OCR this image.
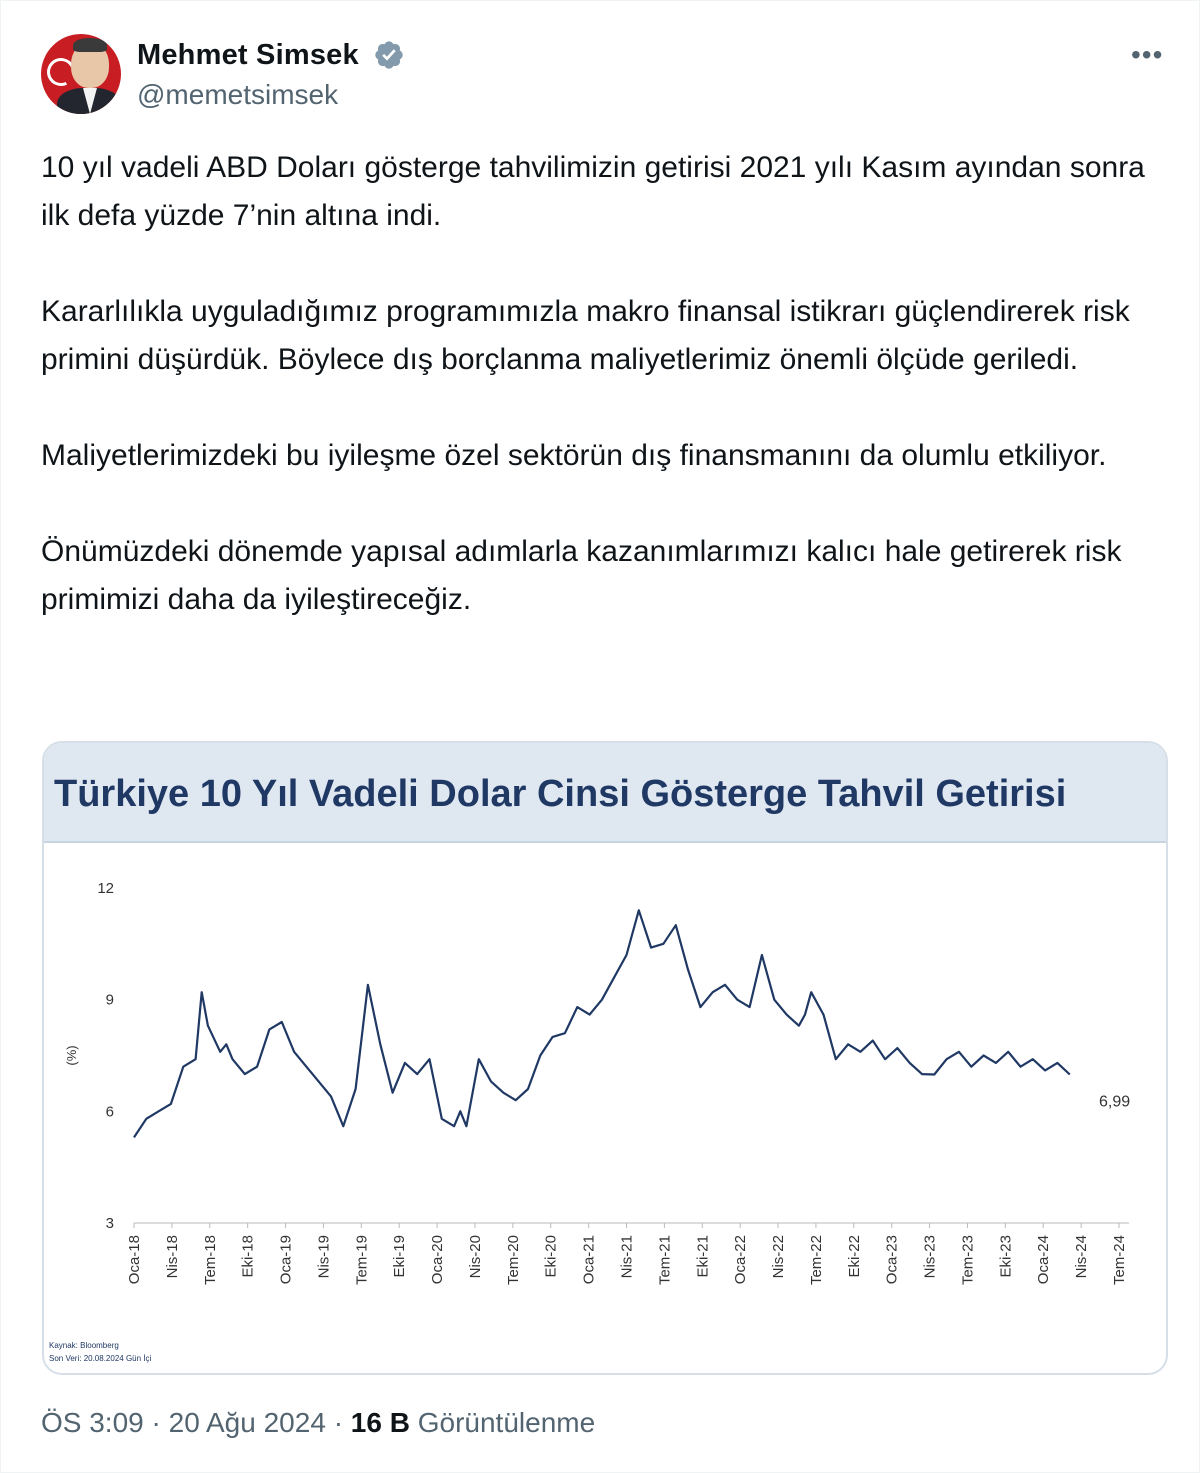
Mehmet Simsek
@memetsimsek
•••

10 yıl vadeli ABD Doları gösterge tahvilimizin getirisi 2021 yılı Kasım ayından sonra ilk defa yüzde 7’nin altına indi.

Kararlılıkla uyguladığımız programımızla makro finansal istikrarı güçlendirerek risk primini düşürdük. Böylece dış borçlanma maliyetlerimiz önemli ölçüde geriledi.

Maliyetlerimizdeki bu iyileşme özel sektörün dış finansmanını da olumlu etkiliyor.

Önümüzdeki dönemde yapısal adımlarla kazanımlarımızı kalıcı hale getirerek risk primimizi daha da iyileştireceğiz.

Türkiye 10 Yıl Vadeli Dolar Cinsi Gösterge Tahvil Getirisi
3
6
9
12
(%)
Oca-18 Nis-18 Tem-18 Eki-18 Oca-19 Nis-19 Tem-19 Eki-19 Oca-20 Nis-20 Tem-20 Eki-20 Oca-21 Nis-21 Tem-21 Eki-21 Oca-22 Nis-22 Tem-22 Eki-22 Oca-23 Nis-23 Tem-23 Eki-23 Oca-24 Nis-24 Tem-24
6,99
Kaynak: Bloomberg
Son Veri: 20.08.2024 Gün İçi
ÖS 3:09 · 20 Ağu 2024 · 16 B Görüntülenme
